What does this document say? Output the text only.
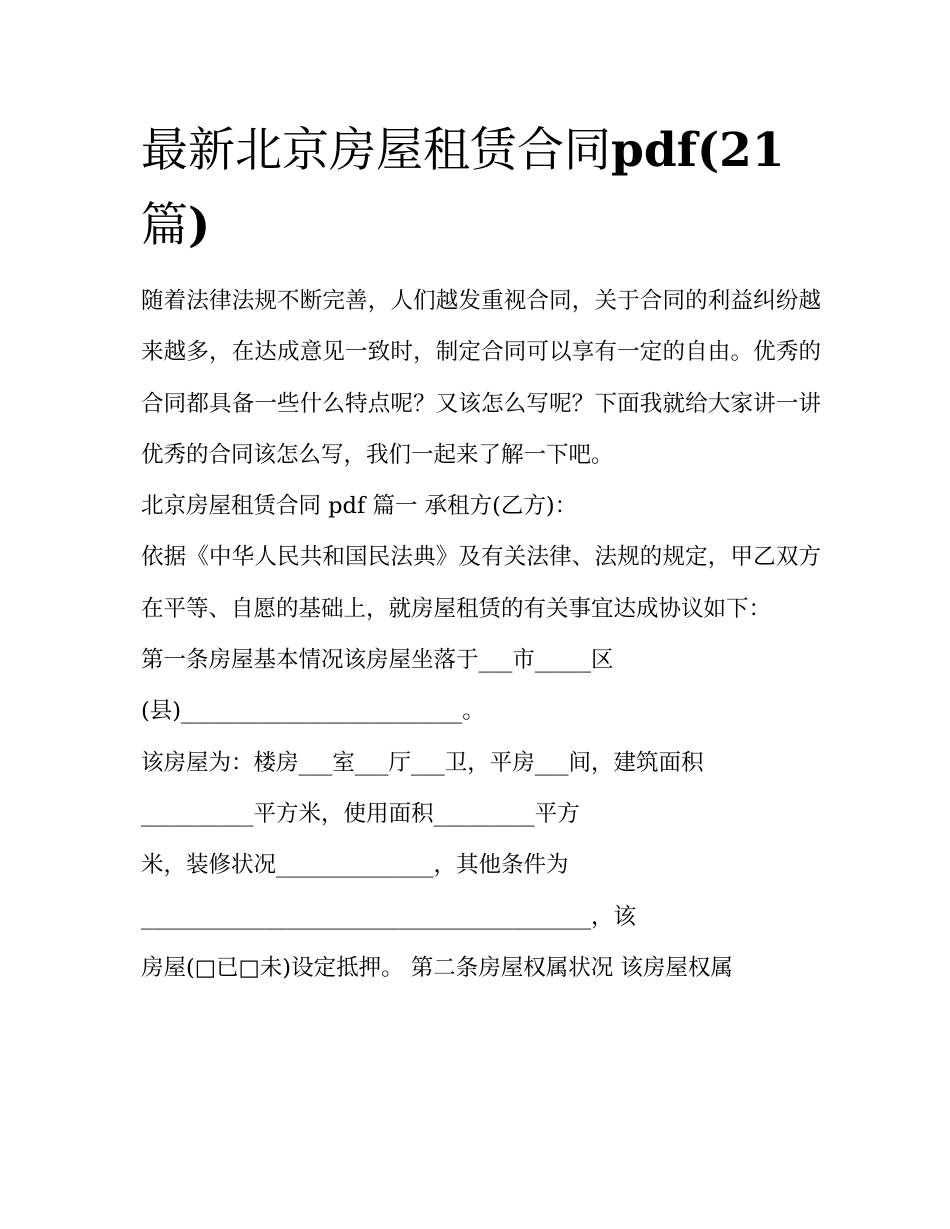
最新北京房屋租赁合同pdf(21
篇)

随着法律法规不断完善，人们越发重视合同，关于合同的利益纠纷越来越多，在达成意见一致时，制定合同可以享有一定的自由。优秀的合同都具备一些什么特点呢？又该怎么写呢？下面我就给大家讲一讲优秀的合同该怎么写，我们一起来了解一下吧。

北京房屋租赁合同 pdf 篇一 承租方(乙方)：

依据《中华人民共和国民法典》及有关法律、法规的规定，甲乙双方在平等、自愿的基础上，就房屋租赁的有关事宜达成协议如下：

第一条房屋基本情况该房屋坐落于___市_____区
(县)_________________________。
该房屋为：楼房___室___厅___卫，平房___间，建筑面积
__________平方米，使用面积_________平方
米，装修状况______________，其他条件为
________________________________________，该
房屋(□已□未)设定抵押。 第二条房屋权属状况 该房屋权属
